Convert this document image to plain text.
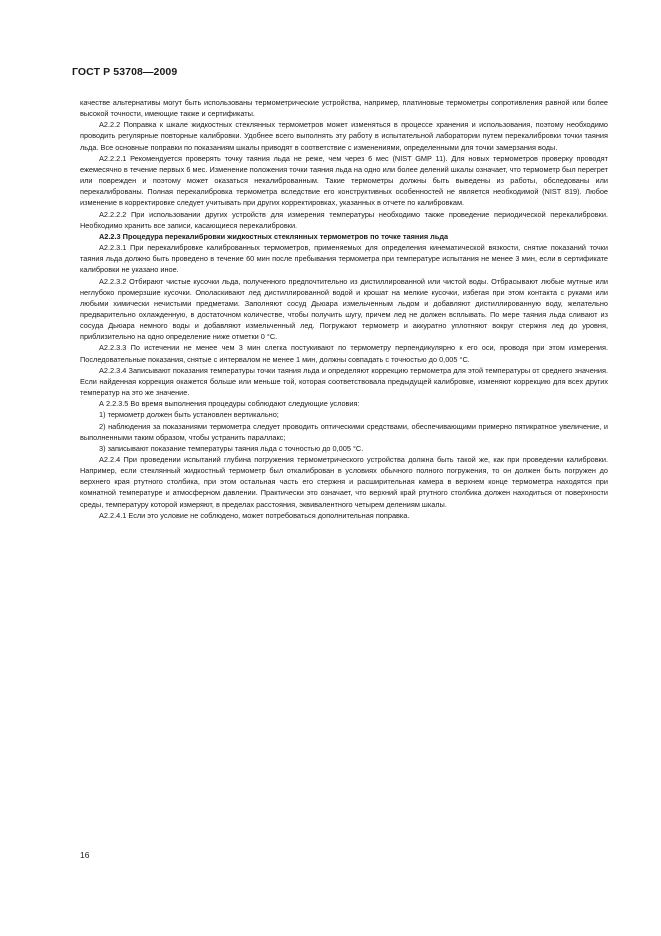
ГОСТ Р 53708—2009

качестве альтернативы могут быть использованы термометрические устройства, например, платиновые термометры сопротивления равной или более высокой точности, имеющие также и сертификаты.

А2.2.2 Поправка к шкале жидкостных стеклянных термометров может изменяться в процессе хранения и использования, поэтому необходимо проводить регулярные повторные калибровки. Удобнее всего выполнять эту работу в испытательной лаборатории путем перекалибровки точки таяния льда. Все основные поправки по показаниям шкалы приводят в соответствие с изменениями, определенными для точки замерзания воды.

А2.2.2.1 Рекомендуется проверять точку таяния льда не реже, чем через 6 мес (NIST GMP 11). Для новых термометров проверку проводят ежемесячно в течение первых 6 мес. Изменение положения точки таяния льда на одно или более делений шкалы означает, что термометр был перегрет или поврежден и поэтому может оказаться некалиброванным. Такие термометры должны быть выведены из работы, обследованы или перекалиброваны. Полная перекалибровка термометра вследствие его конструктивных особенностей не является необходимой (NIST 819). Любое изменение в корректировке следует учитывать при других корректировках, указанных в отчете по калибровкам.

А2.2.2.2 При использовании других устройств для измерения температуры необходимо также проведение периодической перекалибровки. Необходимо хранить все записи, касающиеся перекалибровки.

А2.2.3 Процедура перекалибровки жидкостных стеклянных термометров по точке таяния льда

А2.2.3.1 При перекалибровке калиброванных термометров, применяемых для определения кинематической вязкости, снятие показаний точки таяния льда должно быть проведено в течение 60 мин после пребывания термометра при температуре испытания не менее 3 мин, если в сертификате калибровки не указано иное.

А2.2.3.2 Отбирают чистые кусочки льда, полученного предпочтительно из дистиллированной или чистой воды. Отбрасывают любые мутные или неглубоко промерзшие кусочки. Ополаскивают лед дистиллированной водой и крошат на мелкие кусочки, избегая при этом контакта с руками или любыми химически нечистыми предметами. Заполняют сосуд Дьюара измельченным льдом и добавляют дистиллированную воду, желательно предварительно охлажденную, в достаточном количестве, чтобы получить шугу, причем лед не должен всплывать. По мере таяния льда сливают из сосуда Дьюара немного воды и добавляют измельченный лед. Погружают термометр и аккуратно уплотняют вокруг стержня лед до уровня, приблизительно на одно определение ниже отметки 0 °С.

А2.2.3.3 По истечении не менее чем 3 мин слегка постукивают по термометру перпендикулярно к его оси, проводя при этом измерения. Последовательные показания, снятые с интервалом не менее 1 мин, должны совпадать с точностью до 0,005 °С.

А2.2.3.4 Записывают показания температуры точки таяния льда и определяют коррекцию термометра для этой температуры от среднего значения. Если найденная коррекция окажется больше или меньше той, которая соответствовала предыдущей калибровке, изменяют коррекцию для всех других температур на это же значение.

А 2.2.3.5 Во время выполнения процедуры соблюдают следующие условия:

1) термометр должен быть установлен вертикально;

2) наблюдения за показаниями термометра следует проводить оптическими средствами, обеспечивающими примерно пятикратное увеличение, и выполненными таким образом, чтобы устранить параллакс;

3) записывают показание температуры таяния льда с точностью до 0,005 °С.

А2.2.4 При проведении испытаний глубина погружения термометрического устройства должна быть такой же, как при проведении калибровки. Например, если стеклянный жидкостный термометр был откалиброван в условиях обычного полного погружения, то он должен быть погружен до верхнего края ртутного столбика, при этом остальная часть его стержня и расширительная камера в верхнем конце термометра находятся при комнатной температуре и атмосферном давлении. Практически это означает, что верхний край ртутного столбика должен находиться от поверхности среды, температуру которой измеряют, в пределах расстояния, эквивалентного четырем делениям шкалы.

А2.2.4.1 Если это условие не соблюдено, может потребоваться дополнительная поправка.

16
